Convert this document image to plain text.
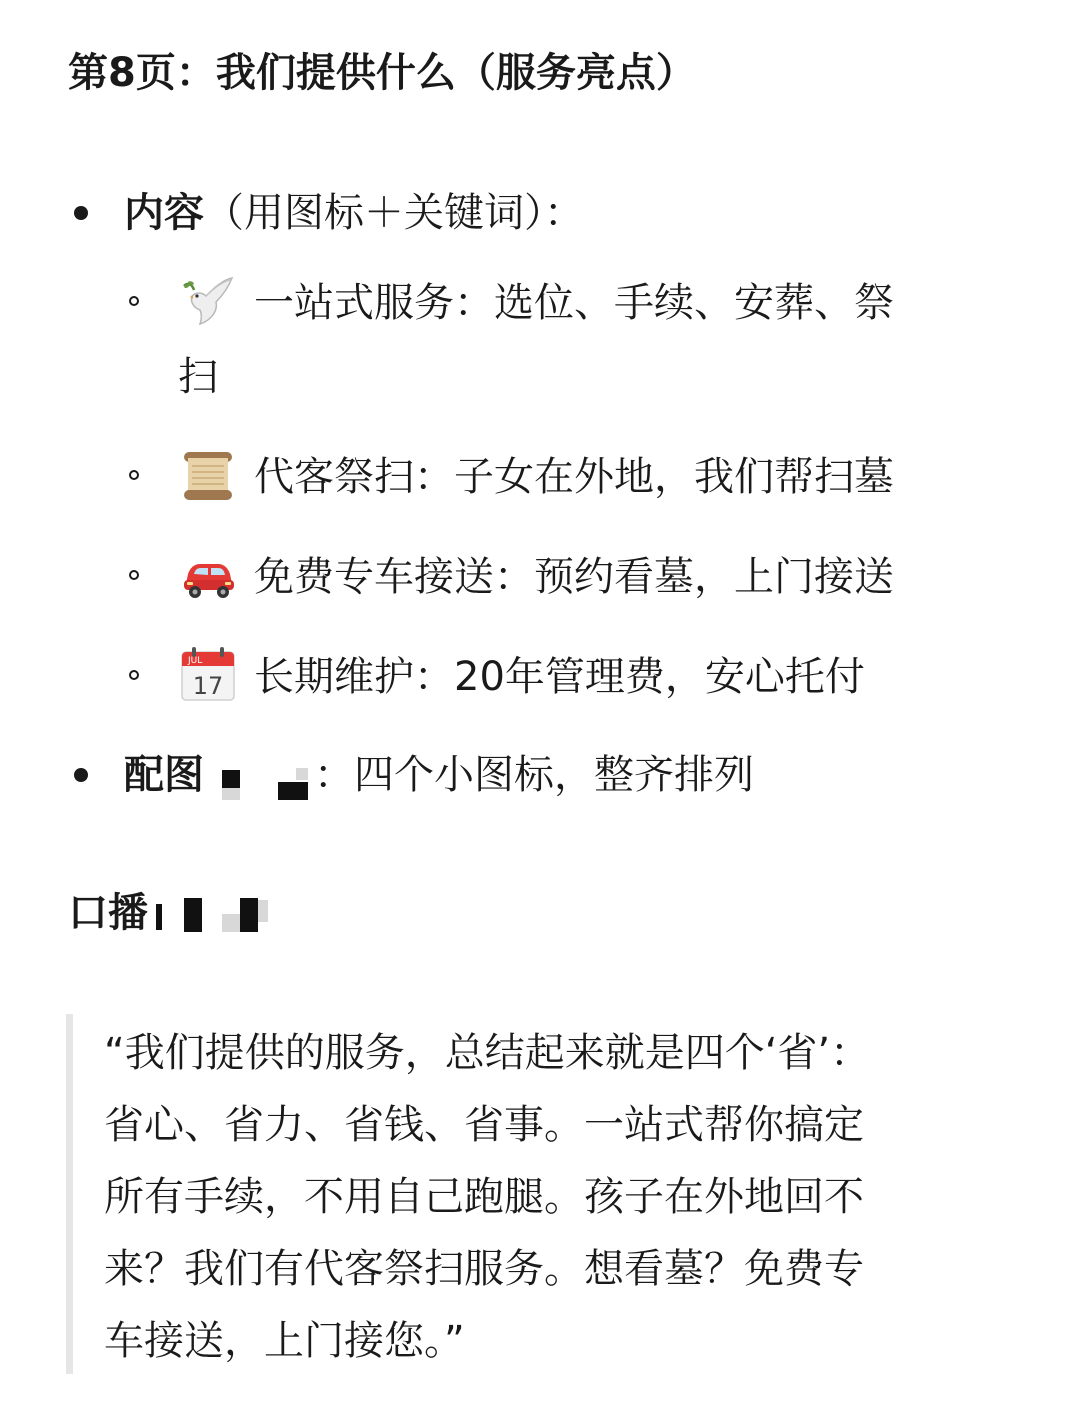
第8页：我们提供什么（服务亮点）
内容（用图标＋关键词）：
一站式服务：选位、手续、安葬、祭
扫
代客祭扫：子女在外地，我们帮扫墓
免费专车接送：预约看墓，上门接送
JUL
17 长期维护：20年管理费，安心托付
配图	：四个小图标，整齐排列
口播
“我们提供的服务，总结起来就是四个‘省’：
省心、省力、省钱、省事。一站式帮你搞定
所有手续，不用自己跑腿。孩子在外地回不
来？我们有代客祭扫服务。想看墓？免费专
车接送，上门接您。”
